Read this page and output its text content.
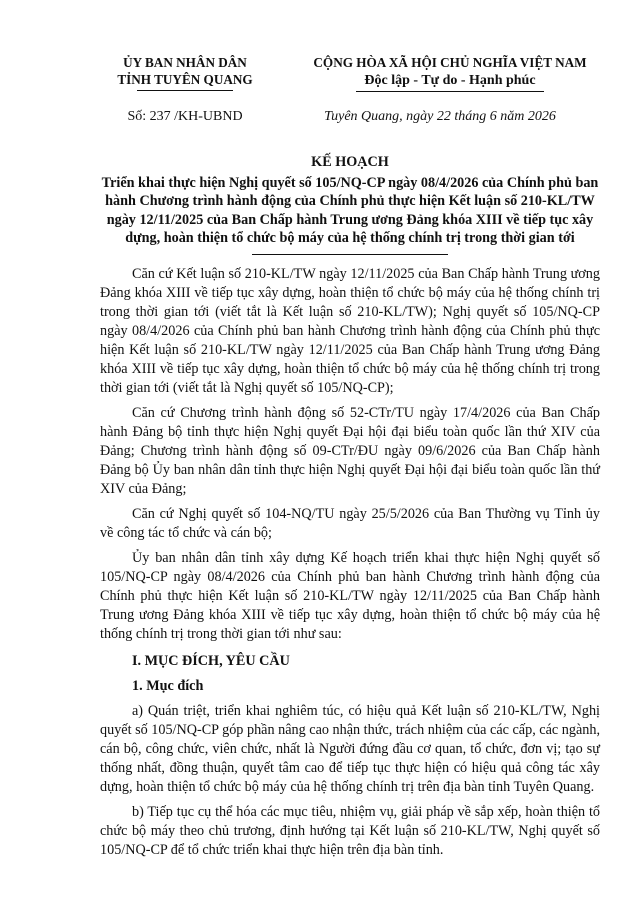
ỦY BAN NHÂN DÂN
TỈNH TUYÊN QUANG
CỘNG HÒA XÃ HỘI CHỦ NGHĨA VIỆT NAM
Độc lập - Tự do - Hạnh phúc
Số: 237 /KH-UBND	Tuyên Quang, ngày 22 tháng 6 năm 2026
KẾ HOẠCH
Triển khai thực hiện Nghị quyết số 105/NQ-CP ngày 08/4/2026 của Chính phủ ban hành Chương trình hành động của Chính phủ thực hiện Kết luận số 210-KL/TW ngày 12/11/2025 của Ban Chấp hành Trung ương Đảng khóa XIII về tiếp tục xây dựng, hoàn thiện tổ chức bộ máy của hệ thống chính trị trong thời gian tới

Căn cứ Kết luận số 210-KL/TW ngày 12/11/2025 của Ban Chấp hành Trung ương Đảng khóa XIII về tiếp tục xây dựng, hoàn thiện tổ chức bộ máy của hệ thống chính trị trong thời gian tới (viết tắt là Kết luận số 210-KL/TW); Nghị quyết số 105/NQ-CP ngày 08/4/2026 của Chính phủ ban hành Chương trình hành động của Chính phủ thực hiện Kết luận số 210-KL/TW ngày 12/11/2025 của Ban Chấp hành Trung ương Đảng khóa XIII về tiếp tục xây dựng, hoàn thiện tổ chức bộ máy của hệ thống chính trị trong thời gian tới (viết tắt là Nghị quyết số 105/NQ-CP);

Căn cứ Chương trình hành động số 52-CTr/TU ngày 17/4/2026 của Ban Chấp hành Đảng bộ tỉnh thực hiện Nghị quyết Đại hội đại biểu toàn quốc lần thứ XIV của Đảng; Chương trình hành động số 09-CTr/ĐU ngày 09/6/2026 của Ban Chấp hành Đảng bộ Ủy ban nhân dân tỉnh thực hiện Nghị quyết Đại hội đại biểu toàn quốc lần thứ XIV của Đảng;

Căn cứ Nghị quyết số 104-NQ/TU ngày 25/5/2026 của Ban Thường vụ Tỉnh ủy về công tác tổ chức và cán bộ;

Ủy ban nhân dân tỉnh xây dựng Kế hoạch triển khai thực hiện Nghị quyết số 105/NQ-CP ngày 08/4/2026 của Chính phủ ban hành Chương trình hành động của Chính phủ thực hiện Kết luận số 210-KL/TW ngày 12/11/2025 của Ban Chấp hành Trung ương Đảng khóa XIII về tiếp tục xây dựng, hoàn thiện tổ chức bộ máy của hệ thống chính trị trong thời gian tới như sau:

I. MỤC ĐÍCH, YÊU CẦU
1. Mục đích

a) Quán triệt, triển khai nghiêm túc, có hiệu quả Kết luận số 210-KL/TW, Nghị quyết số 105/NQ-CP góp phần nâng cao nhận thức, trách nhiệm của các cấp, các ngành, cán bộ, công chức, viên chức, nhất là Người đứng đầu cơ quan, tổ chức, đơn vị; tạo sự thống nhất, đồng thuận, quyết tâm cao để tiếp tục thực hiện có hiệu quả công tác xây dựng, hoàn thiện tổ chức bộ máy của hệ thống chính trị trên địa bàn tỉnh Tuyên Quang.

b) Tiếp tục cụ thể hóa các mục tiêu, nhiệm vụ, giải pháp về sắp xếp, hoàn thiện tổ chức bộ máy theo chủ trương, định hướng tại Kết luận số 210-KL/TW, Nghị quyết số 105/NQ-CP để tổ chức triển khai thực hiện trên địa bàn tỉnh.
